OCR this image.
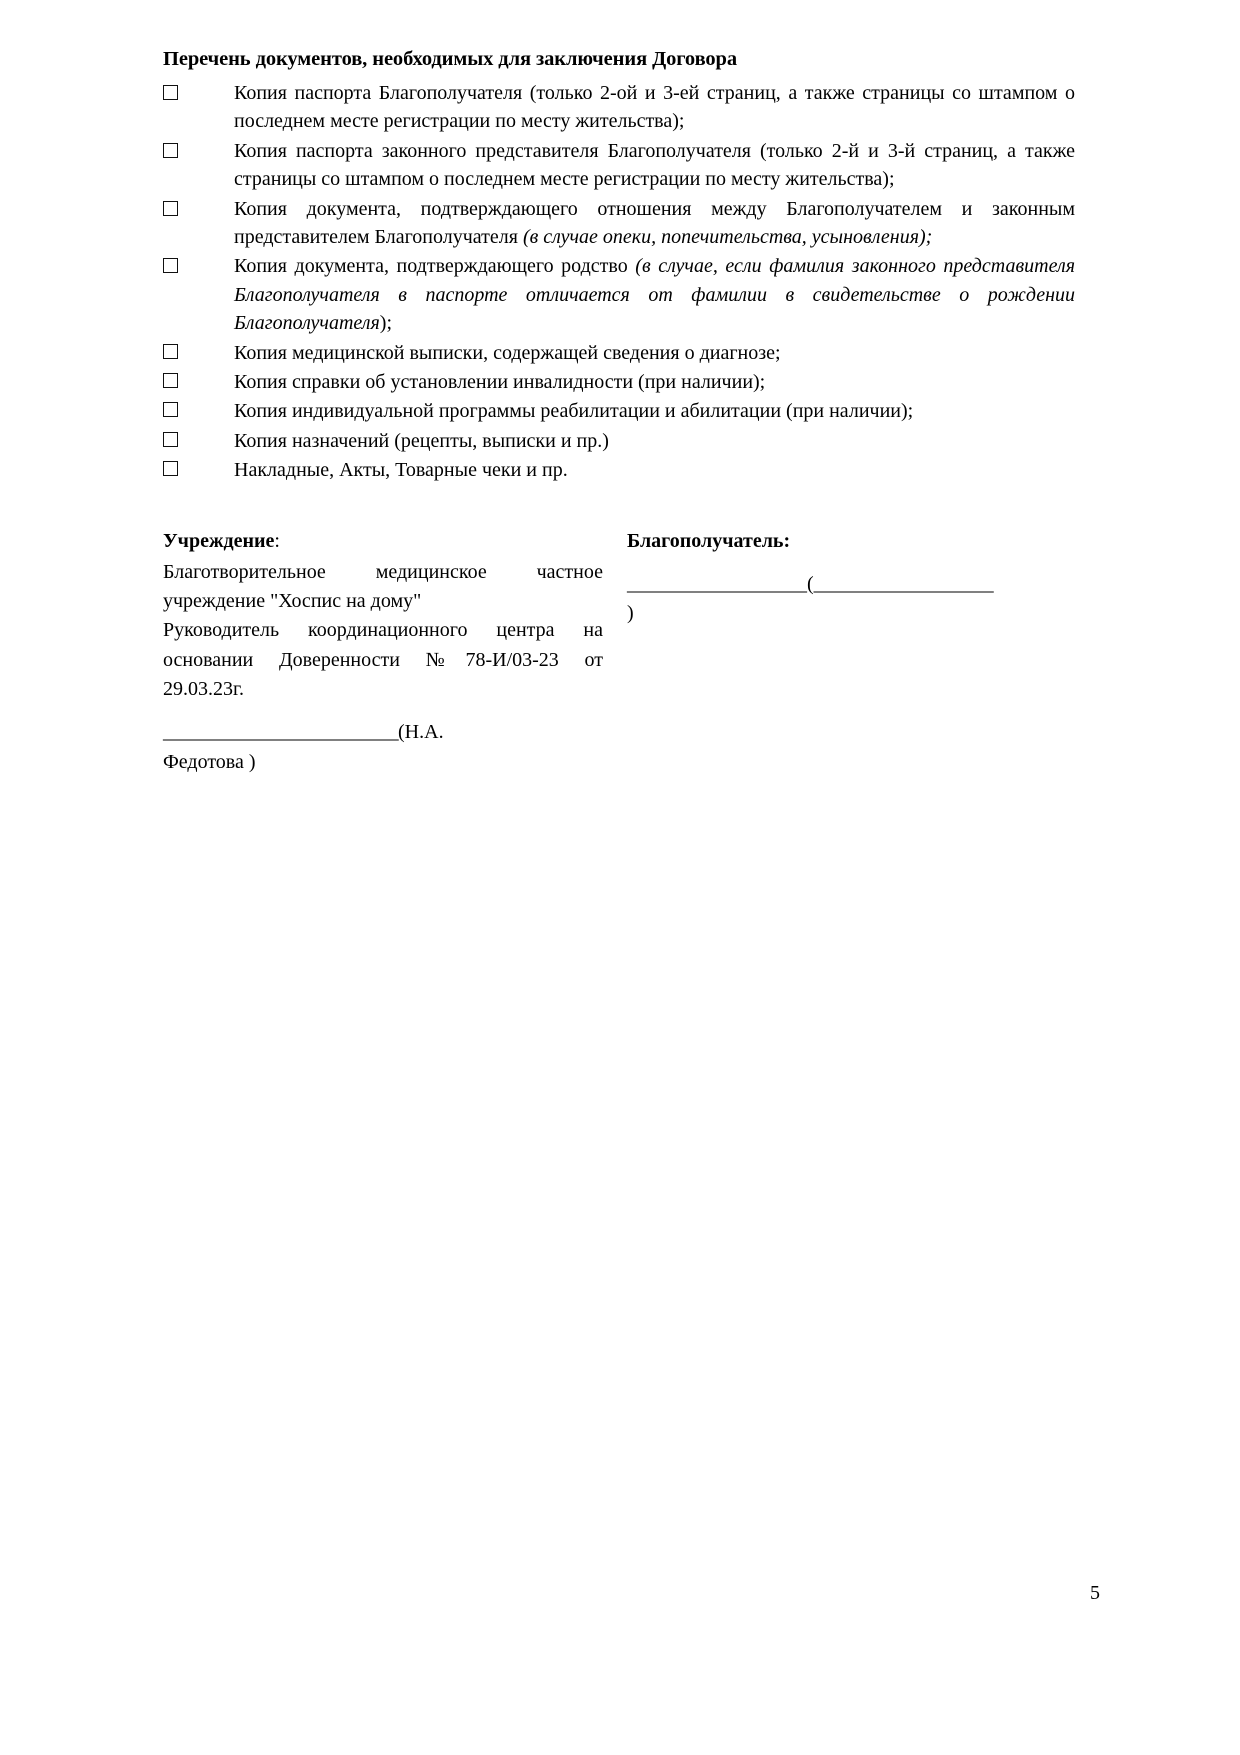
Перечень документов, необходимых для заключения Договора
Копия паспорта Благополучателя (только 2-ой и 3-ей страниц, а также страницы со штампом о последнем месте регистрации по месту жительства);
Копия паспорта законного представителя Благополучателя (только 2-й и 3-й страниц, а также страницы со штампом о последнем месте регистрации по месту жительства);
Копия документа, подтверждающего отношения между Благополучателем и законным представителем Благополучателя (в случае опеки, попечительства, усыновления);
Копия документа, подтверждающего родство (в случае, если фамилия законного представителя Благополучателя в паспорте отличается от фамилии в свидетельстве о рождении Благополучателя);
Копия медицинской выписки, содержащей сведения о диагнозе;
Копия справки об установлении инвалидности (при наличии);
Копия индивидуальной программы реабилитации и абилитации (при наличии);
Копия назначений (рецепты, выписки и пр.)
Накладные, Акты, Товарные чеки и пр.

Учреждение:

Благотворительное медицинское частное учреждение "Хоспис на дому"

Руководитель координационного центра на основании Доверенности №78-И/03-23 от 29.03.23г.

_________________________(Н.А.
Федотова )

Благополучатель:

__________________(__________________
)
5
